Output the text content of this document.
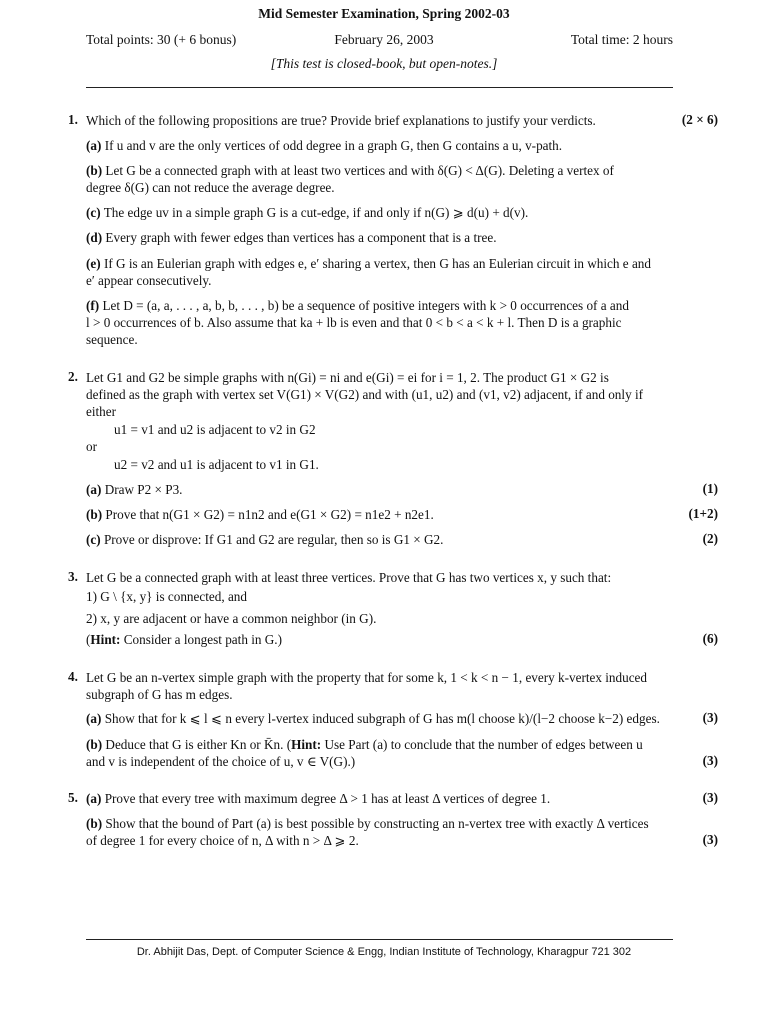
Mid Semester Examination, Spring 2002-03
Total points: 30 (+ 6 bonus)	February 26, 2003	Total time: 2 hours
[This test is closed-book, but open-notes.]
1. Which of the following propositions are true? Provide brief explanations to justify your verdicts.	(2 × 6)
(a) If u and v are the only vertices of odd degree in a graph G, then G contains a u, v-path.
(b) Let G be a connected graph with at least two vertices and with δ(G) < Δ(G). Deleting a vertex of
degree δ(G) can not reduce the average degree.
(c) The edge uv in a simple graph G is a cut-edge, if and only if n(G) ⩾ d(u) + d(v).
(d) Every graph with fewer edges than vertices has a component that is a tree.
(e) If G is an Eulerian graph with edges e, e′ sharing a vertex, then G has an Eulerian circuit in which e and
e′ appear consecutively.
(f) Let D = (a, a, . . . , a, b, b, . . . , b) be a sequence of positive integers with k > 0 occurrences of a and
l > 0 occurrences of b. Also assume that ka + lb is even and that 0 < b < a < k + l. Then D is a graphic
sequence.
2. Let G1 and G2 be simple graphs with n(Gi) = ni and e(Gi) = ei for i = 1, 2. The product G1 × G2 is
defined as the graph with vertex set V(G1) × V(G2) and with (u1, u2) and (v1, v2) adjacent, if and only if
either
u1 = v1 and u2 is adjacent to v2 in G2
or
u2 = v2 and u1 is adjacent to v1 in G1.
(a) Draw P2 × P3.	(1)
(b) Prove that n(G1 × G2) = n1n2 and e(G1 × G2) = n1e2 + n2e1.	(1+2)
(c) Prove or disprove: If G1 and G2 are regular, then so is G1 × G2.	(2)
3. Let G be a connected graph with at least three vertices. Prove that G has two vertices x, y such that:
1) G \ {x, y} is connected, and
2) x, y are adjacent or have a common neighbor (in G).
(Hint: Consider a longest path in G.)	(6)
4. Let G be an n-vertex simple graph with the property that for some k, 1 < k < n − 1, every k-vertex induced
subgraph of G has m edges.
(a) Show that for k ⩽ l ⩽ n every l-vertex induced subgraph of G has m(l choose k)/(l−2 choose k−2) edges.	(3)
(b) Deduce that G is either Kn or K̄n. (Hint: Use Part (a) to conclude that the number of edges between u
and v is independent of the choice of u, v ∈ V(G).)	(3)
5. (a) Prove that every tree with maximum degree Δ > 1 has at least Δ vertices of degree 1.	(3)
(b) Show that the bound of Part (a) is best possible by constructing an n-vertex tree with exactly Δ vertices
of degree 1 for every choice of n, Δ with n > Δ ⩾ 2.	(3)
Dr. Abhijit Das, Dept. of Computer Science & Engg, Indian Institute of Technology, Kharagpur 721 302
